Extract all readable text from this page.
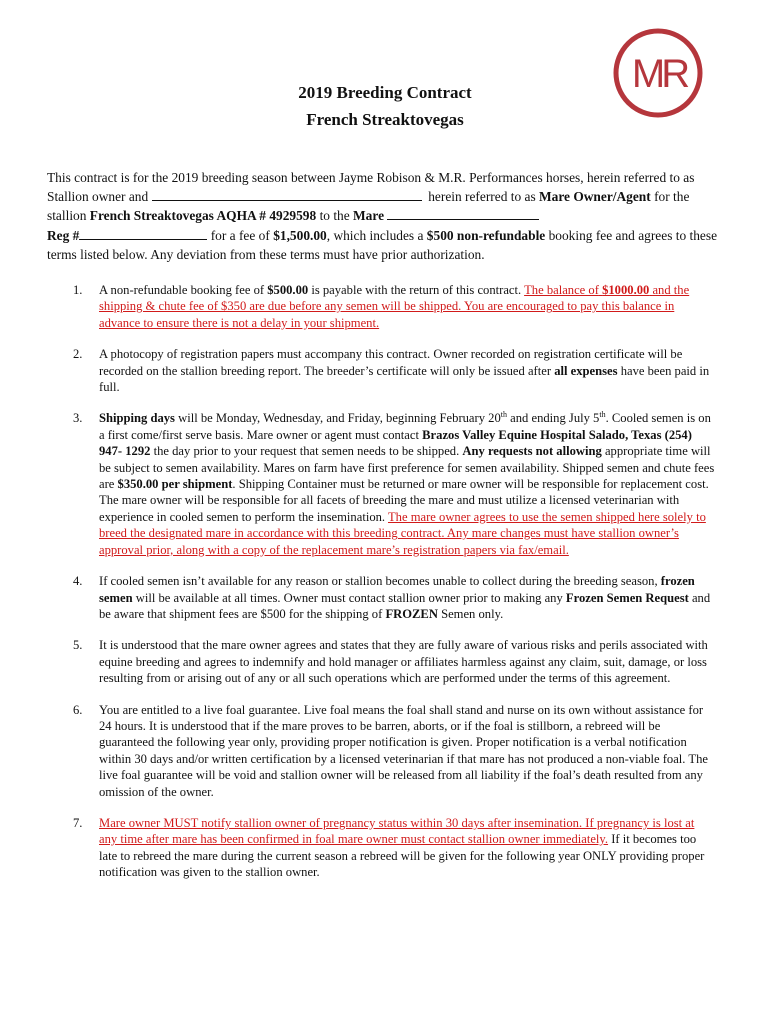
MR
2019 Breeding Contract
French Streaktovegas

This contract is for the 2019 breeding season between Jayme Robison & M.R. Performances horses, herein referred to as Stallion owner and	herein referred to as Mare Owner/Agent for the stallion French Streaktovegas AQHA # 4929598 to the Mare
Reg #	for a fee of $1,500.00, which includes a $500 non-refundable booking fee and agrees to these terms listed below. Any deviation from these terms must have prior authorization.

1. A non-refundable booking fee of $500.00 is payable with the return of this contract. The balance of $1000.00 and the shipping & chute fee of $350 are due before any semen will be shipped. You are encouraged to pay this balance in advance to ensure there is not a delay in your shipment.
2. A photocopy of registration papers must accompany this contract. Owner recorded on registration certificate will be recorded on the stallion breeding report. The breeder’s certificate will only be issued after all expenses have been paid in full.
3. Shipping days will be Monday, Wednesday, and Friday, beginning February 20th and ending July 5th. Cooled semen is on a first come/first serve basis. Mare owner or agent must contact Brazos Valley Equine Hospital Salado, Texas (254) 947- 1292 the day prior to your request that semen needs to be shipped. Any requests not allowing appropriate time will be subject to semen availability. Mares on farm have first preference for semen availability. Shipped semen and chute fees are $350.00 per shipment. Shipping Container must be returned or mare owner will be responsible for replacement cost. The mare owner will be responsible for all facets of breeding the mare and must utilize a licensed veterinarian with experience in cooled semen to perform the insemination. The mare owner agrees to use the semen shipped here solely to breed the designated mare in accordance with this breeding contract. Any mare changes must have stallion owner’s approval prior, along with a copy of the replacement mare’s registration papers via fax/email.
4. If cooled semen isn’t available for any reason or stallion becomes unable to collect during the breeding season, frozen semen will be available at all times. Owner must contact stallion owner prior to making any Frozen Semen Request and be aware that shipment fees are $500 for the shipping of FROZEN Semen only.
5. It is understood that the mare owner agrees and states that they are fully aware of various risks and perils associated with equine breeding and agrees to indemnify and hold manager or affiliates harmless against any claim, suit, damage, or loss resulting from or arising out of any or all such operations which are performed under the terms of this agreement.
6. You are entitled to a live foal guarantee. Live foal means the foal shall stand and nurse on its own without assistance for 24 hours. It is understood that if the mare proves to be barren, aborts, or if the foal is stillborn, a rebreed will be guaranteed the following year only, providing proper notification is given. Proper notification is a verbal notification within 30 days and/or written certification by a licensed veterinarian if that mare has not produced a non-viable foal. The live foal guarantee will be void and stallion owner will be released from all liability if the foal’s death resulted from any omission of the owner.
7. Mare owner MUST notify stallion owner of pregnancy status within 30 days after insemination. If pregnancy is lost at any time after mare has been confirmed in foal mare owner must contact stallion owner immediately. If it becomes too late to rebreed the mare during the current season a rebreed will be given for the following year ONLY providing proper notification was given to the stallion owner.
